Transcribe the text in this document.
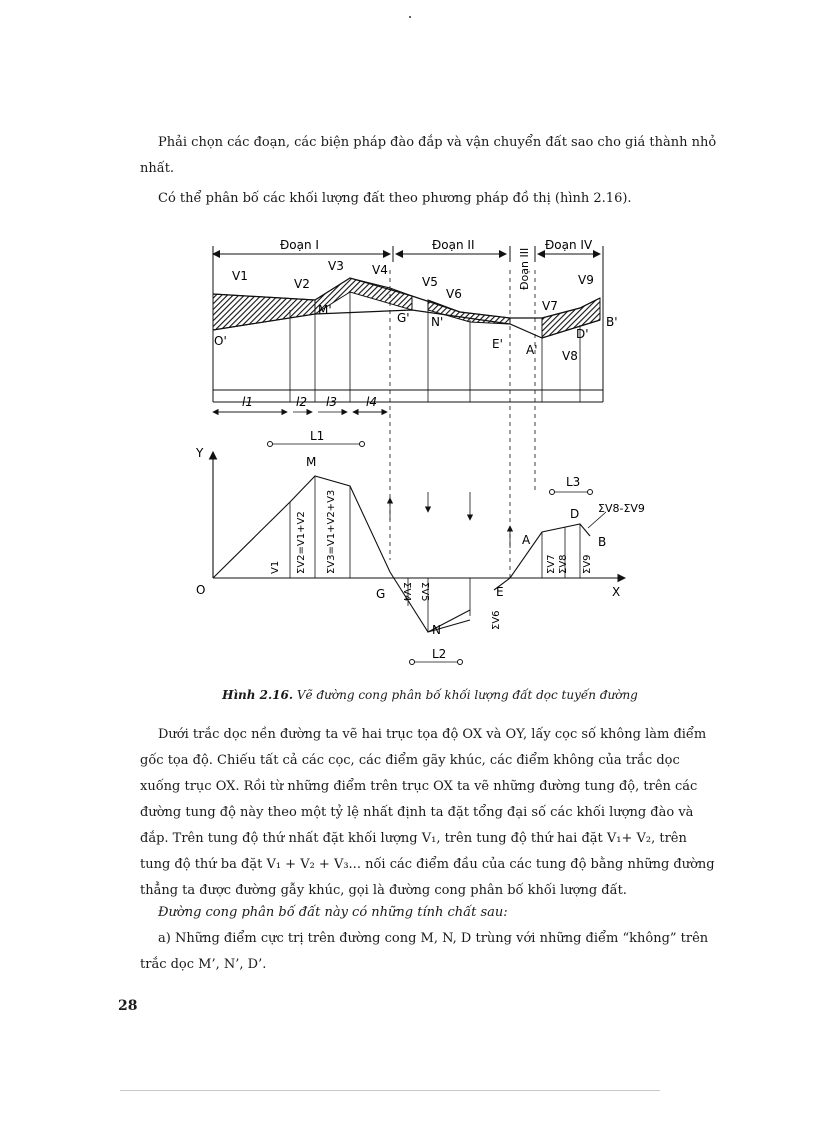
Phải chọn các đoạn, các biện pháp đào đắp và vận chuyển đất sao cho giá thành nhỏ nhất.

Có thể phân bố các khối lượng đất theo phương pháp đồ thị (hình 2.16).

Đoạn I	Đoạn II
Đoạn III
Đoạn IV
V1
V2
V3 V4
V5
V6
V7
V8
V9
O'
M'
G' N'
E' A'
D'
B'
l1	l2 l3 l4
L1
Y
X
O
M
G
N
E
A
D
B
ΣV8-ΣV9
V1 ΣV2=V1+V2 ΣV3=V1+V2+V3
ΣV4 ΣV5
ΣV6
ΣV7 ΣV8 ΣV9
L3
L2
Hình 2.16. Vẽ đường cong phân bố khối lượng đất dọc tuyến đường

Dưới trắc dọc nền đường ta vẽ hai trục tọa độ OX và OY, lấy cọc số không làm điểm gốc tọa độ. Chiếu tất cả các cọc, các điểm gãy khúc, các điểm không của trắc dọc xuống trục OX. Rồi từ những điểm trên trục OX ta vẽ những đường tung độ, trên các đường tung độ này theo một tỷ lệ nhất định ta đặt tổng đại số các khối lượng đào và đắp. Trên tung độ thứ nhất đặt khối lượng V₁, trên tung độ thứ hai đặt V₁+ V₂, trên tung độ thứ ba đặt V₁ + V₂ + V₃... nối các điểm đầu của các tung độ bằng những đường thẳng ta được đường gẫy khúc, gọi là đường cong phân bố khối lượng đất.

Đường cong phân bố đất này có những tính chất sau:

a) Những điểm cực trị trên đường cong M, N, D trùng với những điểm “không” trên trắc dọc M’, N’, D’.

28
